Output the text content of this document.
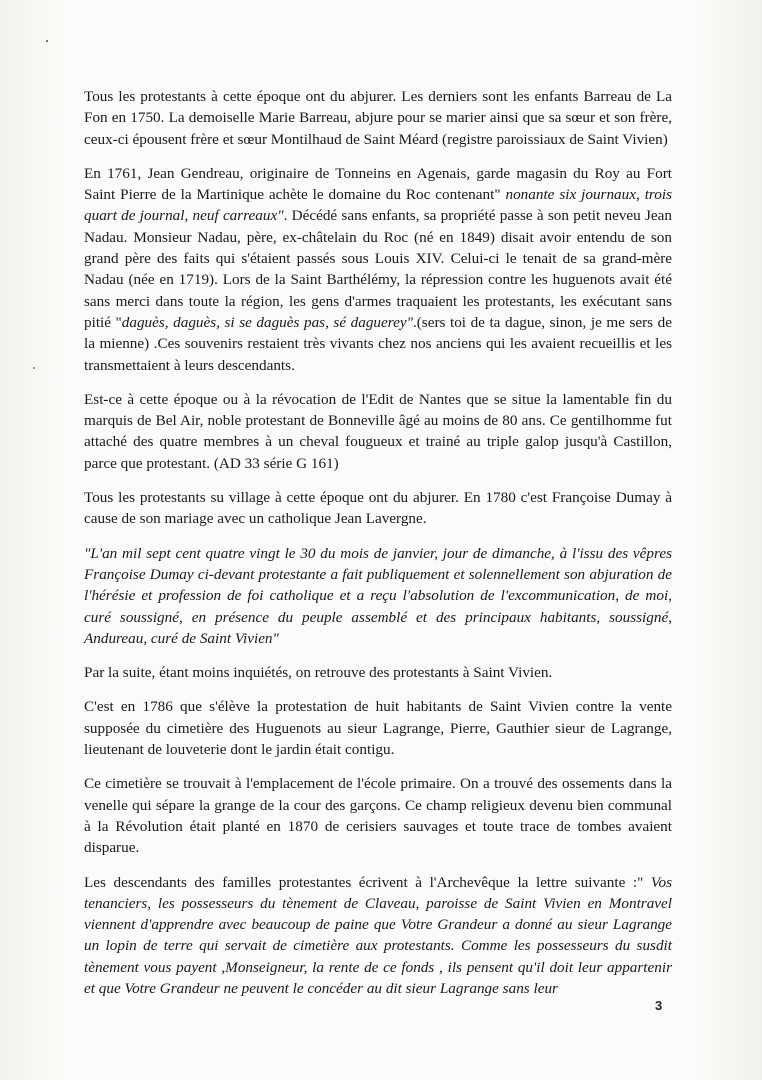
Tous les protestants à cette époque ont du abjurer. Les derniers sont les enfants Barreau de La Fon en 1750. La demoiselle Marie Barreau, abjure pour se marier ainsi que sa sœur et son frère, ceux-ci épousent frère et sœur Montilhaud de Saint Méard (registre paroissiaux de Saint Vivien)

En 1761, Jean Gendreau, originaire de Tonneins en Agenais, garde magasin du Roy au Fort Saint Pierre de la Martinique achète le domaine du Roc contenant" nonante six journaux, trois quart de journal, neuf carreaux". Décédé sans enfants, sa propriété passe à son petit neveu Jean Nadau. Monsieur Nadau, père, ex-châtelain du Roc (né en 1849) disait avoir entendu de son grand père des faits qui s'étaient passés sous Louis XIV. Celui-ci le tenait de sa grand-mère Nadau (née en 1719). Lors de la Saint Barthélémy, la répression contre les huguenots avait été sans merci dans toute la région, les gens d'armes traquaient les protestants, les exécutant sans pitié "daguès, daguès, si se daguès pas, sé daguerey".(sers toi de ta dague, sinon, je me sers de la mienne) .Ces souvenirs restaient très vivants chez nos anciens qui les avaient recueillis et les transmettaient à leurs descendants.

Est-ce à cette époque ou à la révocation de l'Edit de Nantes que se situe la lamentable fin du marquis de Bel Air, noble protestant de Bonneville âgé au moins de 80 ans. Ce gentilhomme fut attaché des quatre membres à un cheval fougueux et trainé au triple galop jusqu'à Castillon, parce que protestant. (AD 33 série G 161)

Tous les protestants su village à cette époque ont du abjurer. En 1780 c'est Françoise Dumay à cause de son mariage avec un catholique Jean Lavergne.

"L'an mil sept cent quatre vingt le 30 du mois de janvier, jour de dimanche, à l'issu des vêpres Françoise Dumay ci-devant protestante a fait publiquement et solennellement son abjuration de l'hérésie et profession de foi catholique et a reçu l'absolution de l'excommunication, de moi, curé soussigné, en présence du peuple assemblé et des principaux habitants, soussigné, Andureau, curé de Saint Vivien"

Par la suite, étant moins inquiétés, on retrouve des protestants à Saint Vivien.

C'est en 1786 que s'élève la protestation de huit habitants de Saint Vivien contre la vente supposée du cimetière des Huguenots au sieur Lagrange, Pierre, Gauthier sieur de Lagrange, lieutenant de louveterie dont le jardin était contigu.

Ce cimetière se trouvait à l'emplacement de l'école primaire. On a trouvé des ossements dans la venelle qui sépare la grange de la cour des garçons. Ce champ religieux devenu bien communal à la Révolution était planté en 1870 de cerisiers sauvages et toute trace de tombes avaient disparue.

Les descendants des familles protestantes écrivent à l'Archevêque la lettre suivante :" Vos tenanciers, les possesseurs du tènement de Claveau, paroisse de Saint Vivien en Montravel viennent d'apprendre avec beaucoup de paine que Votre Grandeur a donné au sieur Lagrange un lopin de terre qui servait de cimetière aux protestants. Comme les possesseurs du susdit tènement vous payent ,Monseigneur, la rente de ce fonds , ils pensent qu'il doit leur appartenir et que Votre Grandeur ne peuvent le concéder au dit sieur Lagrange sans leur

3
